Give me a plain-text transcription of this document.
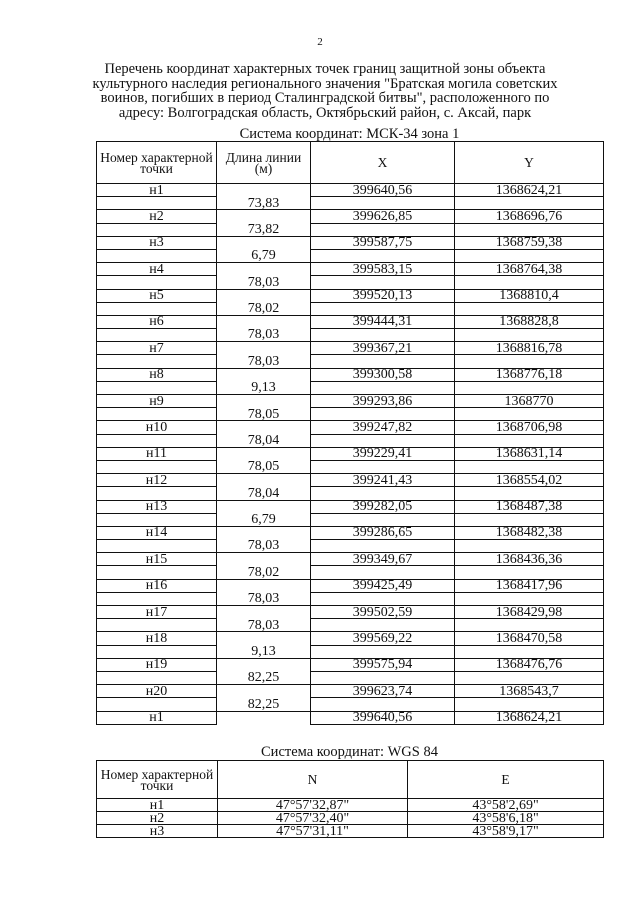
2
Перечень координат характерных точек границ защитной зоны объекта культурного наследия регионального значения "Братская могила советских воинов, погибших в период Сталинградской битвы", расположенного по адресу: Волгоградская область, Октябрьский район, с. Аксай, парк
Система координат: МСК-34 зона 1
Номер характерной точки	Длина линии (м)	X	Y
н1		399640,56	1368624,21
	73,83		
н2		399626,85	1368696,76
	73,82		
н3		399587,75	1368759,38
	6,79		
н4		399583,15	1368764,38
	78,03		
н5		399520,13	1368810,4
	78,02		
н6		399444,31	1368828,8
	78,03		
н7		399367,21	1368816,78
	78,03		
н8		399300,58	1368776,18
	9,13		
н9		399293,86	1368770
	78,05		
н10		399247,82	1368706,98
	78,04		
н11		399229,41	1368631,14
	78,05		
н12		399241,43	1368554,02
	78,04		
н13		399282,05	1368487,38
	6,79		
н14		399286,65	1368482,38
	78,03		
н15		399349,67	1368436,36
	78,02		
н16		399425,49	1368417,96
	78,03		
н17		399502,59	1368429,98
	78,03		
н18		399569,22	1368470,58
	9,13		
н19		399575,94	1368476,76
	82,25		
н20		399623,74	1368543,7
	82,25		
н1		399640,56	1368624,21
Система координат: WGS 84
Номер характерной точки	N	E
н1	47°57'32,87"	43°58'2,69"
н2	47°57'32,40"	43°58'6,18"
н3	47°57'31,11"	43°58'9,17"
